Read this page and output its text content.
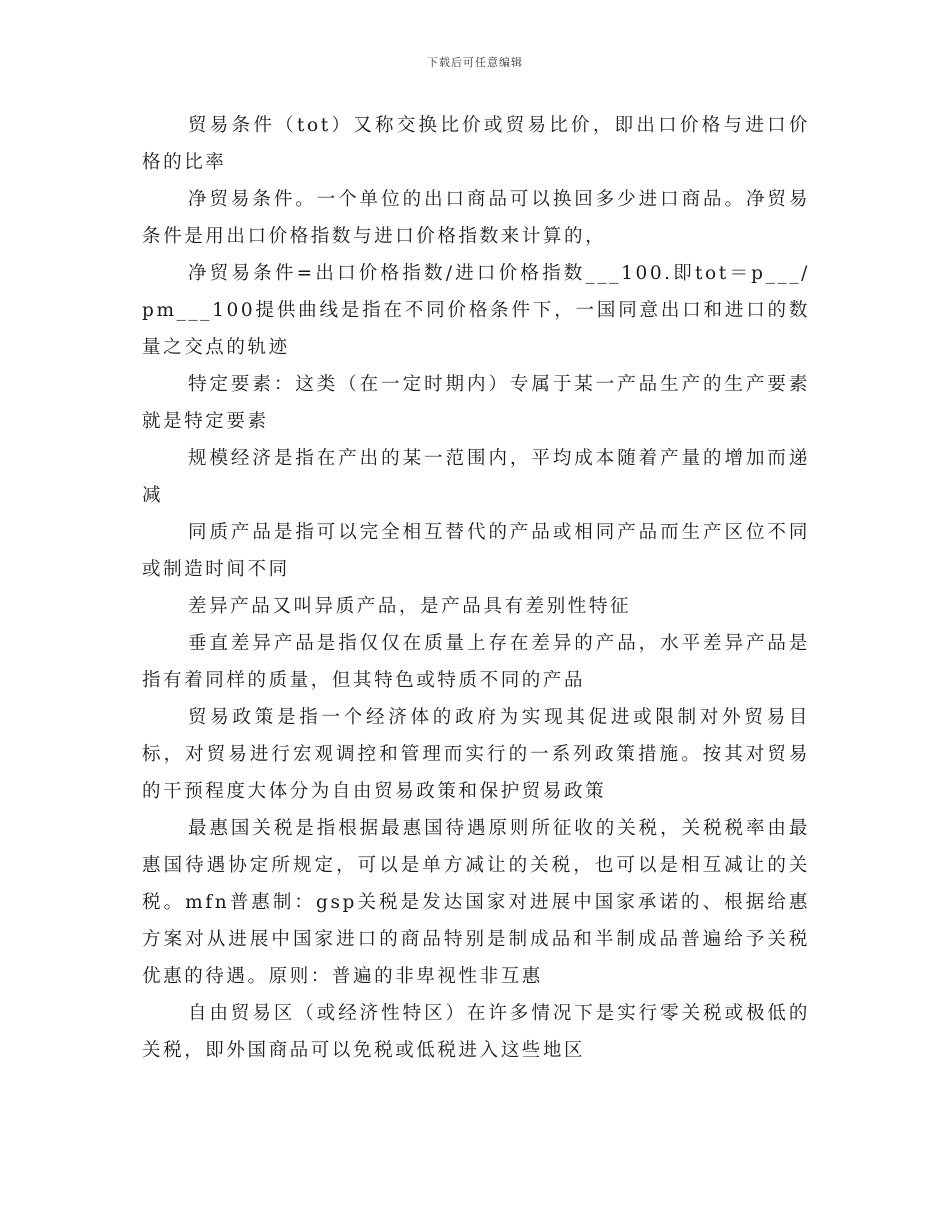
下载后可任意编辑

贸易条件（tot）又称交换比价或贸易比价，即出口价格与进口价格的比率

净贸易条件。一个单位的出口商品可以换回多少进口商品。净贸易条件是用出口价格指数与进口价格指数来计算的，

净贸易条件=出口价格指数/进口价格指数___100.即tot＝p___/pm___100提供曲线是指在不同价格条件下，一国同意出口和进口的数量之交点的轨迹

特定要素：这类（在一定时期内）专属于某一产品生产的生产要素就是特定要素

规模经济是指在产出的某一范围内，平均成本随着产量的增加而递减

同质产品是指可以完全相互替代的产品或相同产品而生产区位不同或制造时间不同

差异产品又叫异质产品，是产品具有差别性特征

垂直差异产品是指仅仅在质量上存在差异的产品，水平差异产品是指有着同样的质量，但其特色或特质不同的产品

贸易政策是指一个经济体的政府为实现其促进或限制对外贸易目标，对贸易进行宏观调控和管理而实行的一系列政策措施。按其对贸易的干预程度大体分为自由贸易政策和保护贸易政策

最惠国关税是指根据最惠国待遇原则所征收的关税，关税税率由最惠国待遇协定所规定，可以是单方减让的关税，也可以是相互减让的关税。mfn普惠制：gsp关税是发达国家对进展中国家承诺的、根据给惠方案对从进展中国家进口的商品特别是制成品和半制成品普遍给予关税优惠的待遇。原则：普遍的非卑视性非互惠

自由贸易区（或经济性特区）在许多情况下是实行零关税或极低的关税，即外国商品可以免税或低税进入这些地区
